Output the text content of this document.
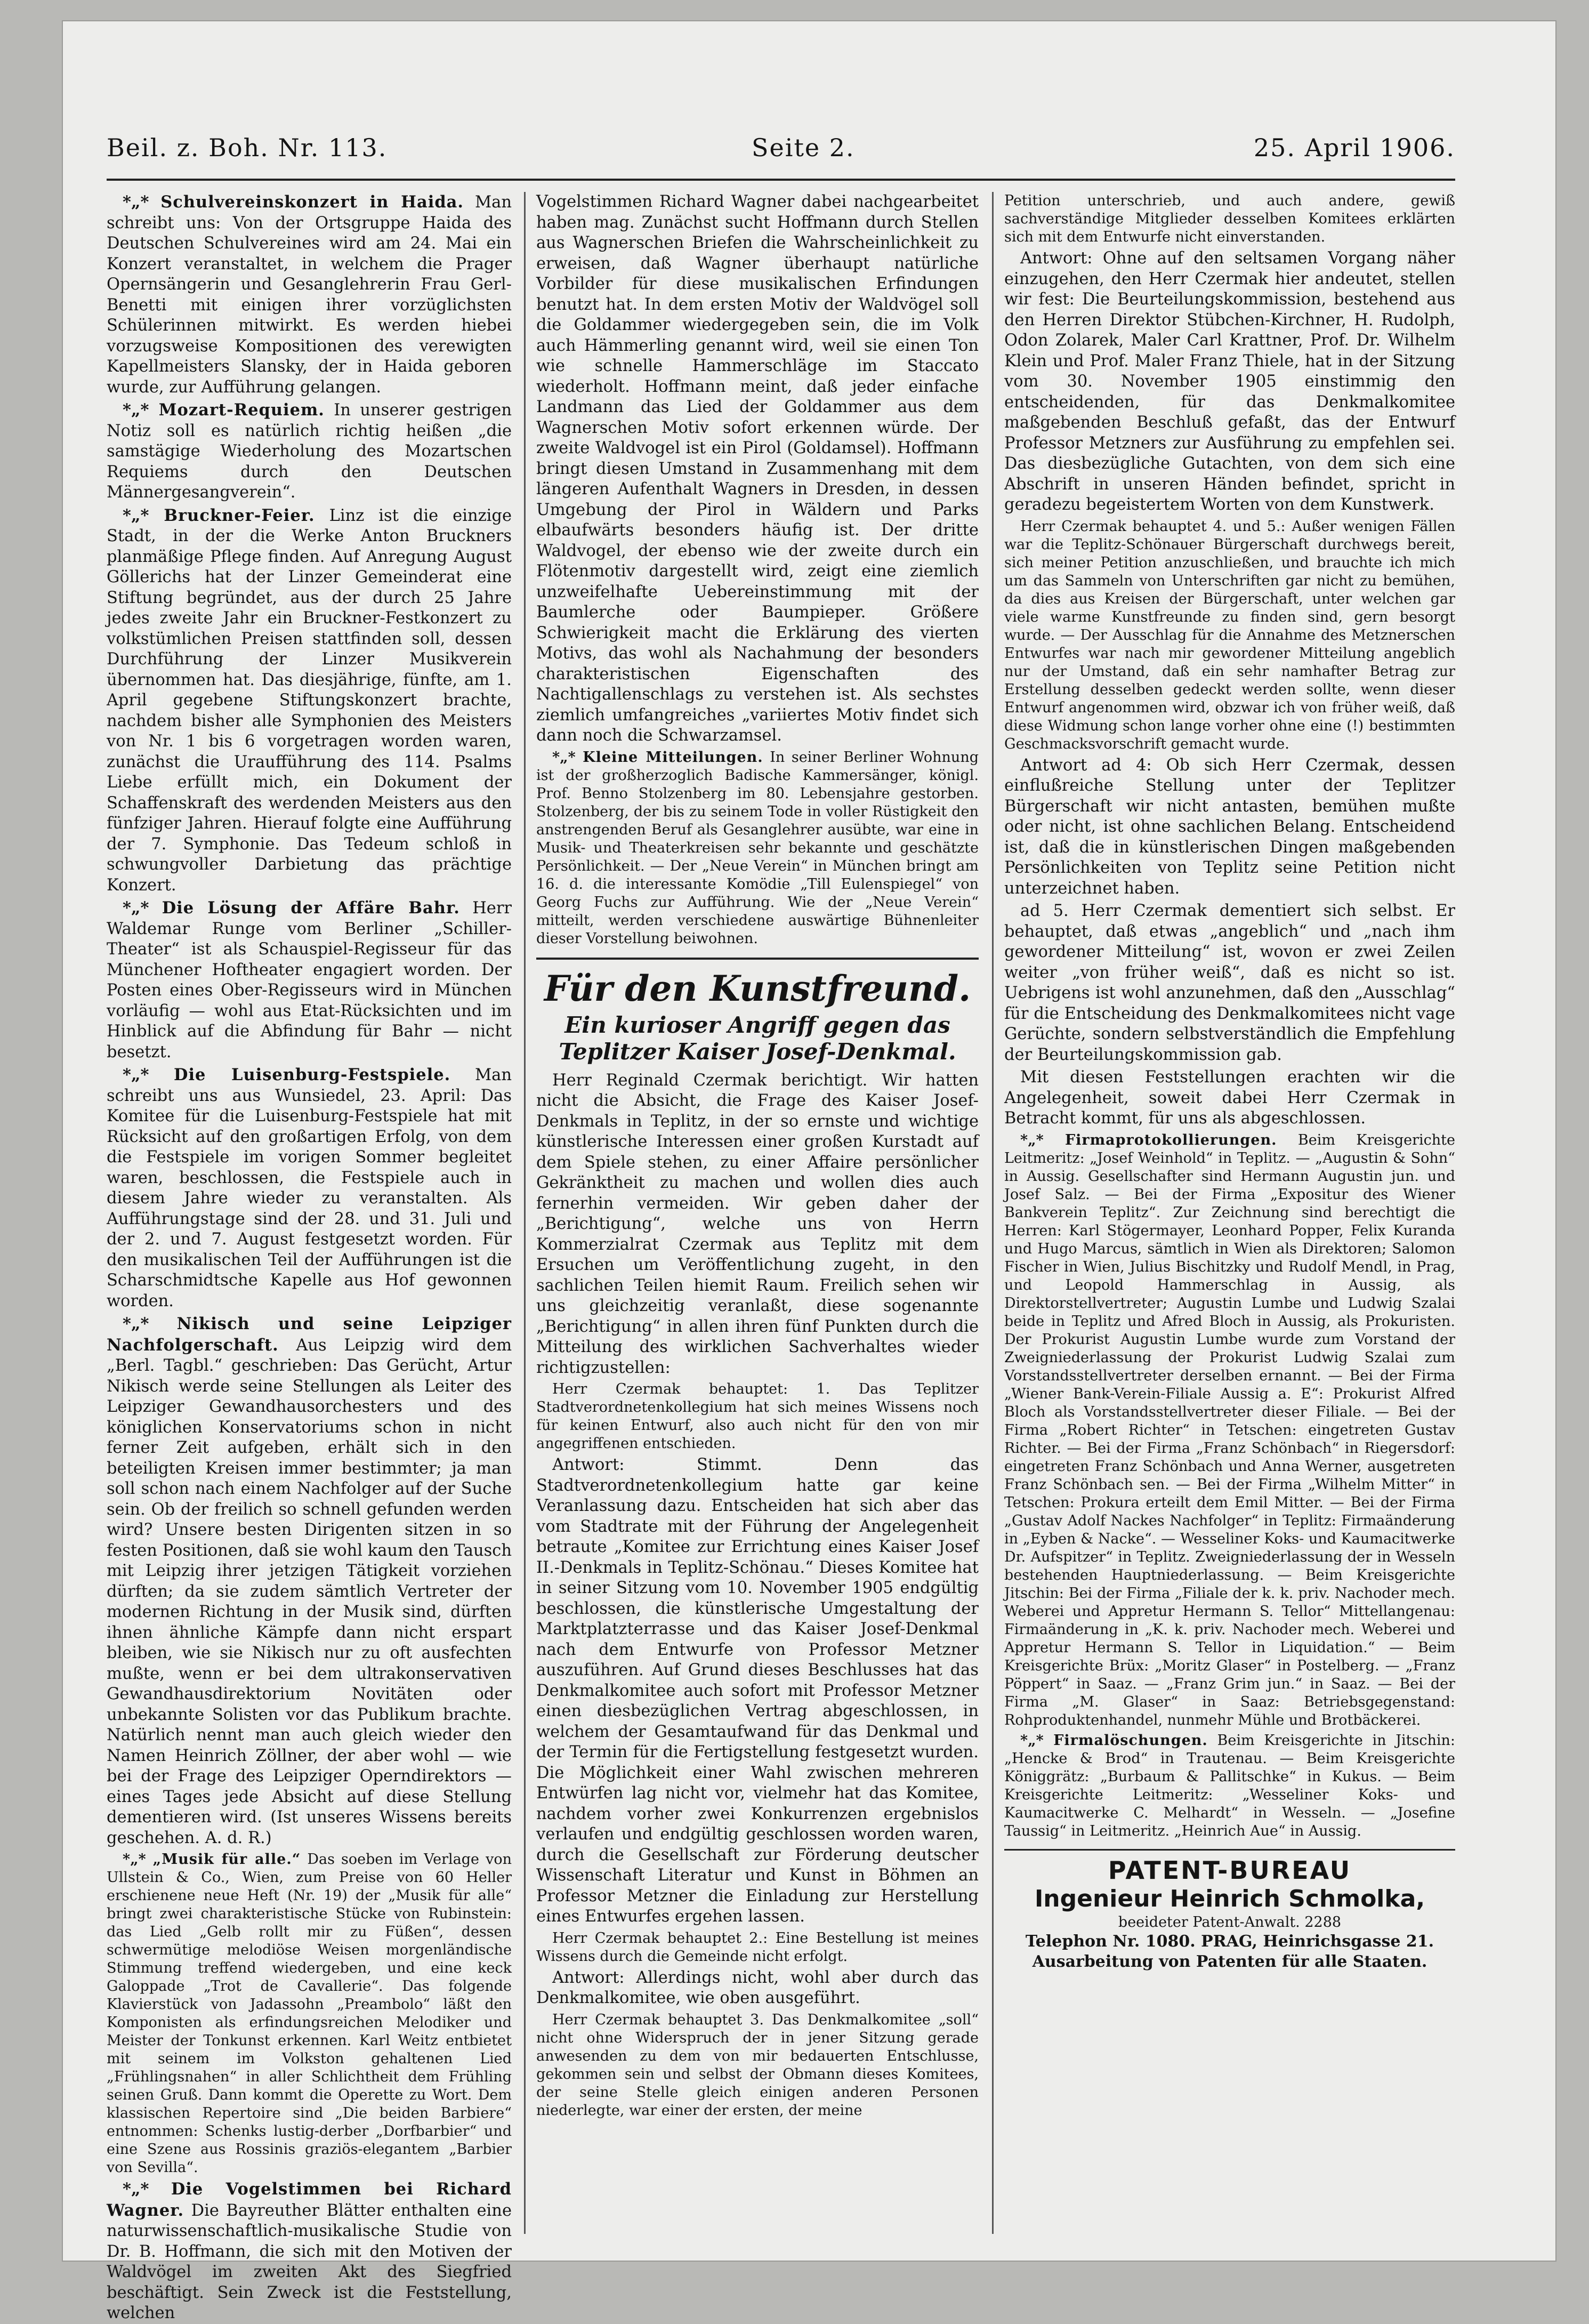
Beil. z. Boh. Nr. 113.	Seite 2.	25. April 1906.

*„* Schulvereinskonzert in Haida. Man schreibt uns: Von der Ortsgruppe Haida des Deutschen Schulvereines wird am 24. Mai ein Konzert veranstaltet, in welchem die Prager Opernsängerin und Gesanglehrerin Frau Gerl-Benetti mit einigen ihrer vorzüglichsten Schülerinnen mitwirkt. Es werden hiebei vorzugsweise Kompositionen des verewigten Kapellmeisters Slansky, der in Haida geboren wurde, zur Aufführung gelangen.

*„* Mozart-Requiem. In unserer gestrigen Notiz soll es natürlich richtig heißen „die samstägige Wiederholung des Mozartschen Requiems durch den Deutschen Männergesangverein“.

*„* Bruckner-Feier. Linz ist die einzige Stadt, in der die Werke Anton Bruckners planmäßige Pflege finden. Auf Anregung August Göllerichs hat der Linzer Gemeinderat eine Stiftung begründet, aus der durch 25 Jahre jedes zweite Jahr ein Bruckner-Festkonzert zu volkstümlichen Preisen stattfinden soll, dessen Durchführung der Linzer Musikverein übernommen hat. Das diesjährige, fünfte, am 1. April gegebene Stiftungskonzert brachte, nachdem bisher alle Symphonien des Meisters von Nr. 1 bis 6 vorgetragen worden waren, zunächst die Uraufführung des 114. Psalms Liebe erfüllt mich, ein Dokument der Schaffenskraft des werdenden Meisters aus den fünfziger Jahren. Hierauf folgte eine Aufführung der 7. Symphonie. Das Tedeum schloß in schwungvoller Darbietung das prächtige Konzert.

*„* Die Lösung der Affäre Bahr. Herr Waldemar Runge vom Berliner „Schiller-Theater“ ist als Schauspiel-Regisseur für das Münchener Hoftheater engagiert worden. Der Posten eines Ober-Regisseurs wird in München vorläufig — wohl aus Etat-Rücksichten und im Hinblick auf die Abfindung für Bahr — nicht besetzt.

*„* Die Luisenburg-Festspiele. Man schreibt uns aus Wunsiedel, 23. April: Das Komitee für die Luisenburg-Festspiele hat mit Rücksicht auf den großartigen Erfolg, von dem die Festspiele im vorigen Sommer begleitet waren, beschlossen, die Festspiele auch in diesem Jahre wieder zu veranstalten. Als Aufführungstage sind der 28. und 31. Juli und der 2. und 7. August festgesetzt worden. Für den musikalischen Teil der Aufführungen ist die Scharschmidtsche Kapelle aus Hof gewonnen worden.

*„* Nikisch und seine Leipziger Nachfolgerschaft. Aus Leipzig wird dem „Berl. Tagbl.“ geschrieben: Das Gerücht, Artur Nikisch werde seine Stellungen als Leiter des Leipziger Gewandhausorchesters und des königlichen Konservatoriums schon in nicht ferner Zeit aufgeben, erhält sich in den beteiligten Kreisen immer bestimmter; ja man soll schon nach einem Nachfolger auf der Suche sein. Ob der freilich so schnell gefunden werden wird? Unsere besten Dirigenten sitzen in so festen Positionen, daß sie wohl kaum den Tausch mit Leipzig ihrer jetzigen Tätigkeit vorziehen dürften; da sie zudem sämtlich Vertreter der modernen Richtung in der Musik sind, dürften ihnen ähnliche Kämpfe dann nicht erspart bleiben, wie sie Nikisch nur zu oft ausfechten mußte, wenn er bei dem ultrakonservativen Gewandhausdirektorium Novitäten oder unbekannte Solisten vor das Publikum brachte. Natürlich nennt man auch gleich wieder den Namen Heinrich Zöllner, der aber wohl — wie bei der Frage des Leipziger Operndirektors — eines Tages jede Absicht auf diese Stellung dementieren wird. (Ist unseres Wissens bereits geschehen. A. d. R.)

*„* „Musik für alle.“ Das soeben im Verlage von Ullstein & Co., Wien, zum Preise von 60 Heller erschienene neue Heft (Nr. 19) der „Musik für alle“ bringt zwei charakteristische Stücke von Rubinstein: das Lied „Gelb rollt mir zu Füßen“, dessen schwermütige melodiöse Weisen morgenländische Stimmung treffend wiedergeben, und eine keck Galoppade „Trot de Cavallerie“. Das folgende Klavierstück von Jadassohn „Preambolo“ läßt den Komponisten als erfindungsreichen Melodiker und Meister der Tonkunst erkennen. Karl Weitz entbietet mit seinem im Volkston gehaltenen Lied „Frühlingsnahen“ in aller Schlichtheit dem Frühling seinen Gruß. Dann kommt die Operette zu Wort. Dem klassischen Repertoire sind „Die beiden Barbiere“ entnommen: Schenks lustig-derber „Dorfbarbier“ und eine Szene aus Rossinis graziös-elegantem „Barbier von Sevilla“.

*„* Die Vogelstimmen bei Richard Wagner. Die Bayreuther Blätter enthalten eine naturwissenschaftlich-musikalische Studie von Dr. B. Hoffmann, die sich mit den Motiven der Waldvögel im zweiten Akt des Siegfried beschäftigt. Sein Zweck ist die Feststellung, welchen

Vogelstimmen Richard Wagner dabei nachgearbeitet haben mag. Zunächst sucht Hoffmann durch Stellen aus Wagnerschen Briefen die Wahrscheinlichkeit zu erweisen, daß Wagner überhaupt natürliche Vorbilder für diese musikalischen Erfindungen benutzt hat. In dem ersten Motiv der Waldvögel soll die Goldammer wiedergegeben sein, die im Volk auch Hämmerling genannt wird, weil sie einen Ton wie schnelle Hammerschläge im Staccato wiederholt. Hoffmann meint, daß jeder einfache Landmann das Lied der Goldammer aus dem Wagnerschen Motiv sofort erkennen würde. Der zweite Waldvogel ist ein Pirol (Goldamsel). Hoffmann bringt diesen Umstand in Zusammenhang mit dem längeren Aufenthalt Wagners in Dresden, in dessen Umgebung der Pirol in Wäldern und Parks elbaufwärts besonders häufig ist. Der dritte Waldvogel, der ebenso wie der zweite durch ein Flötenmotiv dargestellt wird, zeigt eine ziemlich unzweifelhafte Uebereinstimmung mit der Baumlerche oder Baumpieper. Größere Schwierigkeit macht die Erklärung des vierten Motivs, das wohl als Nachahmung der besonders charakteristischen Eigenschaften des Nachtigallenschlags zu verstehen ist. Als sechstes ziemlich umfangreiches „variiertes Motiv findet sich dann noch die Schwarzamsel.

*„* Kleine Mitteilungen. In seiner Berliner Wohnung ist der großherzoglich Badische Kammersänger, königl. Prof. Benno Stolzenberg im 80. Lebensjahre gestorben. Stolzenberg, der bis zu seinem Tode in voller Rüstigkeit den anstrengenden Beruf als Gesanglehrer ausübte, war eine in Musik- und Theaterkreisen sehr bekannte und geschätzte Persönlichkeit. — Der „Neue Verein“ in München bringt am 16. d. die interessante Komödie „Till Eulenspiegel“ von Georg Fuchs zur Aufführung. Wie der „Neue Verein“ mitteilt, werden verschiedene auswärtige Bühnenleiter dieser Vorstellung beiwohnen.

Für den Kunstfreund.
Ein kurioser Angriff gegen das Teplitzer Kaiser Josef-Denkmal.

Herr Reginald Czermak berichtigt. Wir hatten nicht die Absicht, die Frage des Kaiser Josef-Denkmals in Teplitz, in der so ernste und wichtige künstlerische Interessen einer großen Kurstadt auf dem Spiele stehen, zu einer Affaire persönlicher Gekränktheit zu machen und wollen dies auch fernerhin vermeiden. Wir geben daher der „Berichtigung“, welche uns von Herrn Kommerzialrat Czermak aus Teplitz mit dem Ersuchen um Veröffentlichung zugeht, in den sachlichen Teilen hiemit Raum. Freilich sehen wir uns gleichzeitig veranlaßt, diese sogenannte „Berichtigung“ in allen ihren fünf Punkten durch die Mitteilung des wirklichen Sachverhaltes wieder richtigzustellen:

Herr Czermak behauptet: 1. Das Teplitzer Stadtverordnetenkollegium hat sich meines Wissens noch für keinen Entwurf, also auch nicht für den von mir angegriffenen entschieden.

Antwort: Stimmt. Denn das Stadtverordnetenkollegium hatte gar keine Veranlassung dazu. Entscheiden hat sich aber das vom Stadtrate mit der Führung der Angelegenheit betraute „Komitee zur Errichtung eines Kaiser Josef II.-Denkmals in Teplitz-Schönau.“ Dieses Komitee hat in seiner Sitzung vom 10. November 1905 endgültig beschlossen, die künstlerische Umgestaltung der Marktplatzterrasse und das Kaiser Josef-Denkmal nach dem Entwurfe von Professor Metzner auszuführen. Auf Grund dieses Beschlusses hat das Denkmalkomitee auch sofort mit Professor Metzner einen diesbezüglichen Vertrag abgeschlossen, in welchem der Gesamtaufwand für das Denkmal und der Termin für die Fertigstellung festgesetzt wurden. Die Möglichkeit einer Wahl zwischen mehreren Entwürfen lag nicht vor, vielmehr hat das Komitee, nachdem vorher zwei Konkurrenzen ergebnislos verlaufen und endgültig geschlossen worden waren, durch die Gesellschaft zur Förderung deutscher Wissenschaft Literatur und Kunst in Böhmen an Professor Metzner die Einladung zur Herstellung eines Entwurfes ergehen lassen.

Herr Czermak behauptet 2.: Eine Bestellung ist meines Wissens durch die Gemeinde nicht erfolgt.

Antwort: Allerdings nicht, wohl aber durch das Denkmalkomitee, wie oben ausgeführt.

Herr Czermak behauptet 3. Das Denkmalkomitee „soll“ nicht ohne Widerspruch der in jener Sitzung gerade anwesenden zu dem von mir bedauerten Entschlusse, gekommen sein und selbst der Obmann dieses Komitees, der seine Stelle gleich einigen anderen Personen niederlegte, war einer der ersten, der meine

Petition unterschrieb, und auch andere, gewiß sachverständige Mitglieder desselben Komitees erklärten sich mit dem Entwurfe nicht einverstanden.

Antwort: Ohne auf den seltsamen Vorgang näher einzugehen, den Herr Czermak hier andeutet, stellen wir fest: Die Beurteilungskommission, bestehend aus den Herren Direktor Stübchen-Kirchner, H. Rudolph, Odon Zolarek, Maler Carl Krattner, Prof. Dr. Wilhelm Klein und Prof. Maler Franz Thiele, hat in der Sitzung vom 30. November 1905 einstimmig den entscheidenden, für das Denkmalkomitee maßgebenden Beschluß gefaßt, das der Entwurf Professor Metzners zur Ausführung zu empfehlen sei. Das diesbezügliche Gutachten, von dem sich eine Abschrift in unseren Händen befindet, spricht in geradezu begeistertem Worten von dem Kunstwerk.

Herr Czermak behauptet 4. und 5.: Außer wenigen Fällen war die Teplitz-Schönauer Bürgerschaft durchwegs bereit, sich meiner Petition anzuschließen, und brauchte ich mich um das Sammeln von Unterschriften gar nicht zu bemühen, da dies aus Kreisen der Bürgerschaft, unter welchen gar viele warme Kunstfreunde zu finden sind, gern besorgt wurde. — Der Ausschlag für die Annahme des Metznerschen Entwurfes war nach mir gewordener Mitteilung angeblich nur der Umstand, daß ein sehr namhafter Betrag zur Erstellung desselben gedeckt werden sollte, wenn dieser Entwurf angenommen wird, obzwar ich von früher weiß, daß diese Widmung schon lange vorher ohne eine (!) bestimmten Geschmacksvorschrift gemacht wurde.

Antwort ad 4: Ob sich Herr Czermak, dessen einflußreiche Stellung unter der Teplitzer Bürgerschaft wir nicht antasten, bemühen mußte oder nicht, ist ohne sachlichen Belang. Entscheidend ist, daß die in künstlerischen Dingen maßgebenden Persönlichkeiten von Teplitz seine Petition nicht unterzeichnet haben.

ad 5. Herr Czermak dementiert sich selbst. Er behauptet, daß etwas „angeblich“ und „nach ihm gewordener Mitteilung“ ist, wovon er zwei Zeilen weiter „von früher weiß“, daß es nicht so ist. Uebrigens ist wohl anzunehmen, daß den „Ausschlag“ für die Entscheidung des Denkmalkomitees nicht vage Gerüchte, sondern selbstverständlich die Empfehlung der Beurteilungskommission gab.

Mit diesen Feststellungen erachten wir die Angelegenheit, soweit dabei Herr Czermak in Betracht kommt, für uns als abgeschlossen.

*„* Firmaprotokollierungen. Beim Kreisgerichte Leitmeritz: „Josef Weinhold“ in Teplitz. — „Augustin & Sohn“ in Aussig. Gesellschafter sind Hermann Augustin jun. und Josef Salz. — Bei der Firma „Expositur des Wiener Bankverein Teplitz“. Zur Zeichnung sind berechtigt die Herren: Karl Stögermayer, Leonhard Popper, Felix Kuranda und Hugo Marcus, sämtlich in Wien als Direktoren; Salomon Fischer in Wien, Julius Bischitzky und Rudolf Mendl, in Prag, und Leopold Hammerschlag in Aussig, als Direktorstellvertreter; Augustin Lumbe und Ludwig Szalai beide in Teplitz und Afred Bloch in Aussig, als Prokuristen. Der Prokurist Augustin Lumbe wurde zum Vorstand der Zweigniederlassung der Prokurist Ludwig Szalai zum Vorstandsstellvertreter derselben ernannt. — Bei der Firma „Wiener Bank-Verein-Filiale Aussig a. E“: Prokurist Alfred Bloch als Vorstandsstellvertreter dieser Filiale. — Bei der Firma „Robert Richter“ in Tetschen: eingetreten Gustav Richter. — Bei der Firma „Franz Schönbach“ in Riegersdorf: eingetreten Franz Schönbach und Anna Werner, ausgetreten Franz Schönbach sen. — Bei der Firma „Wilhelm Mitter“ in Tetschen: Prokura erteilt dem Emil Mitter. — Bei der Firma „Gustav Adolf Nackes Nachfolger“ in Teplitz: Firmaänderung in „Eyben & Nacke“. — Wesseliner Koks- und Kaumacitwerke Dr. Aufspitzer“ in Teplitz. Zweigniederlassung der in Wesseln bestehenden Hauptniederlassung. — Beim Kreisgerichte Jitschin: Bei der Firma „Filiale der k. k. priv. Nachoder mech. Weberei und Appretur Hermann S. Tellor“ Mittellangenau: Firmaänderung in „K. k. priv. Nachoder mech. Weberei und Appretur Hermann S. Tellor in Liquidation.“ — Beim Kreisgerichte Brüx: „Moritz Glaser“ in Postelberg. — „Franz Pöppert“ in Saaz. — „Franz Grim jun.“ in Saaz. — Bei der Firma „M. Glaser“ in Saaz: Betriebsgegenstand: Rohproduktenhandel, nunmehr Mühle und Brotbäckerei.

*„* Firmalöschungen. Beim Kreisgerichte in Jitschin: „Hencke & Brod“ in Trautenau. — Beim Kreisgerichte Königgrätz: „Burbaum & Pallitschke“ in Kukus. — Beim Kreisgerichte Leitmeritz: „Wesseliner Koks- und Kaumacitwerke C. Melhardt“ in Wesseln. — „Josefine Taussig“ in Leitmeritz. „Heinrich Aue“ in Aussig.

PATENT-BUREAU
Ingenieur Heinrich Schmolka,
beeideter Patent-Anwalt. 2288
Telephon Nr. 1080. PRAG, Heinrichsgasse 21.
Ausarbeitung von Patenten für alle Staaten.
